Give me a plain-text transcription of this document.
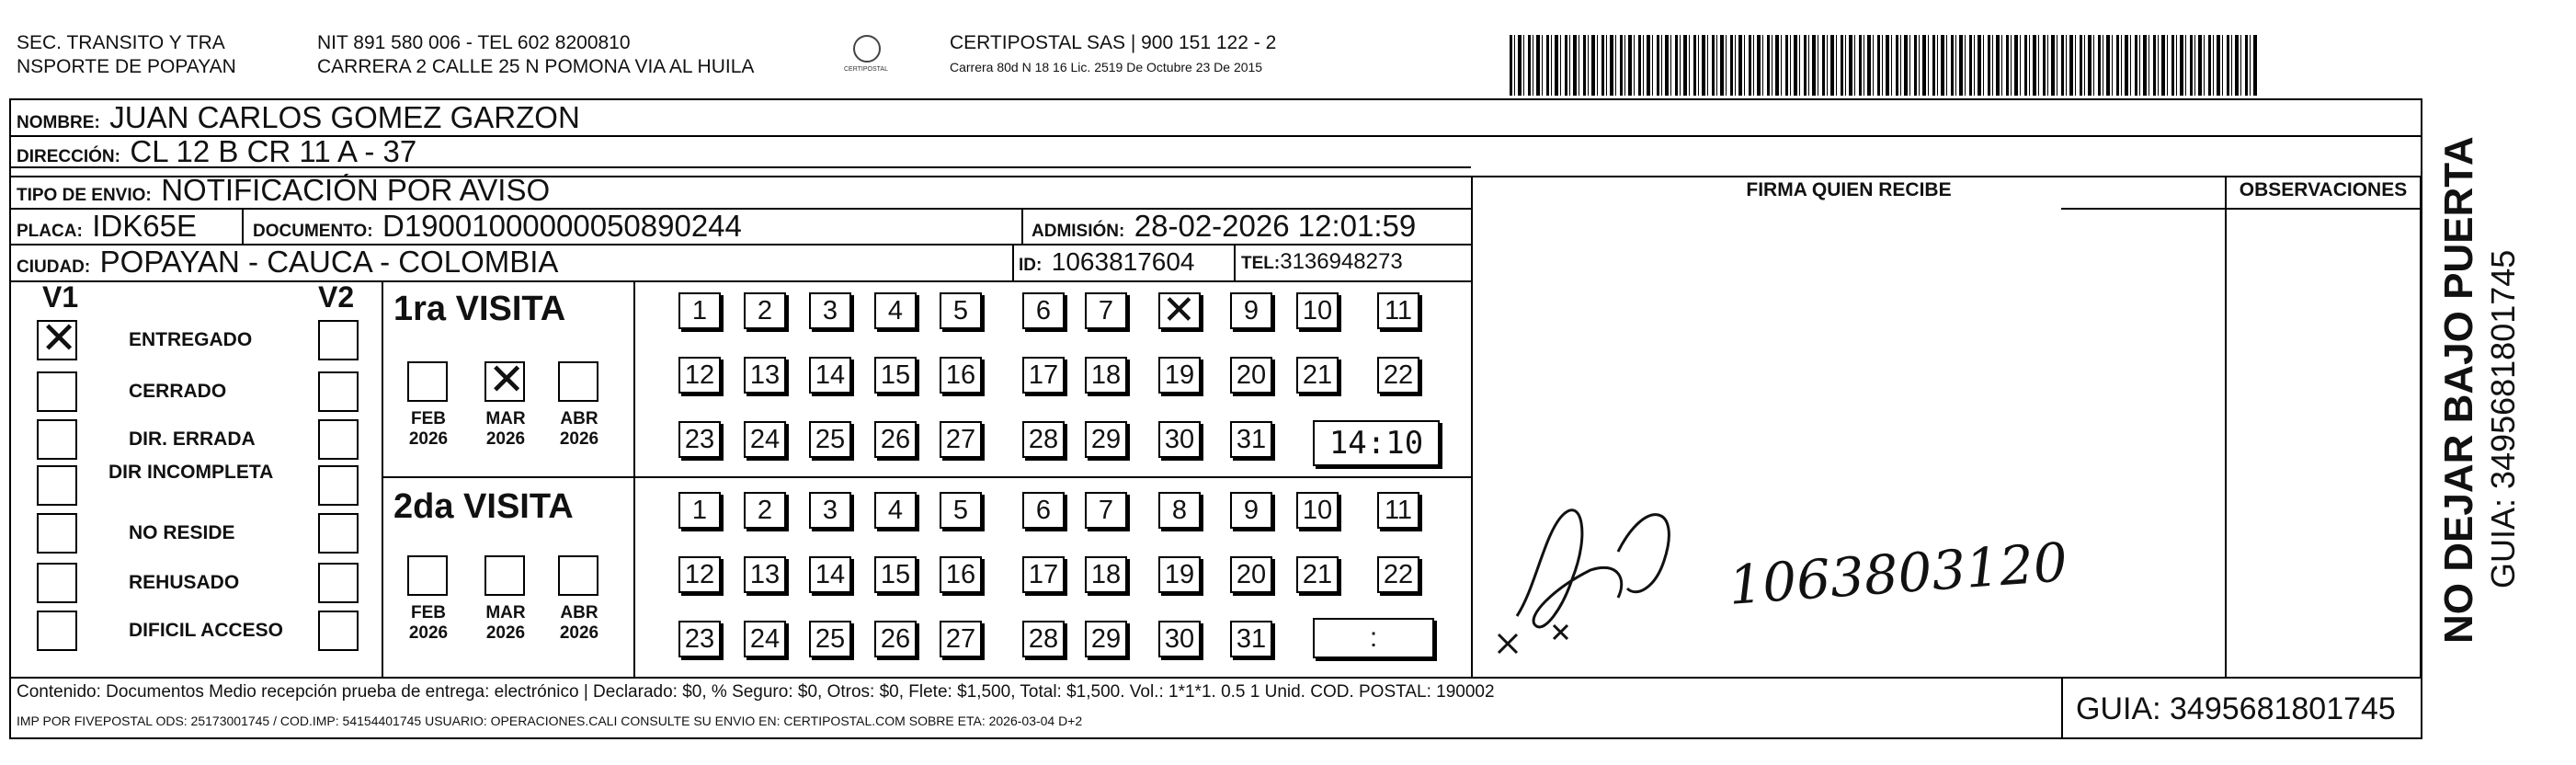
SEC. TRANSITO Y TRA
NSPORTE DE POPAYAN
NIT 891 580 006 - TEL 602 8200810
CARRERA 2 CALLE 25 N POMONA VIA AL HUILA	CERTIPOSTAL
CERTIPOSTAL SAS | 900 151 122 - 2
Carrera 80d N 18 16 Lic. 2519 De Octubre 23 De 2015
NOMBRE: JUAN CARLOS GOMEZ GARZON
DIRECCIÓN: CL 12 B CR 11 A - 37
TIPO DE ENVIO: NOTIFICACIÓN POR AVISO
PLACA: IDK65E	DOCUMENTO: D19001000000050890244	ADMISIÓN: 28-02-2026 12:01:59
CIUDAD: POPAYAN - CAUCA - COLOMBIA	ID: 1063817604	TEL:3136948273
FIRMA QUIEN RECIBE	OBSERVACIONES
V1	V2
✕
ENTREGADO
CERRADO
DIR. ERRADA
DIR INCOMPLETA
NO RESIDE
REHUSADO
DIFICIL ACCESO
1ra VISITA
FEB
2026
✕
MAR
2026
ABR
2026
1	2	3	4	5	6	7
✕	9	10 11
12 13 14 15 16 17 18 19 20 21 22
23 24 25 26 27 28 29 30 31	14:10
2da VISITA
FEB
2026
MAR
2026
ABR
2026
1	2	3	4	5	6	7	8	9	10 11
12 13 14 15 16 17 18 19 20 21 22
23 24 25 26 27 28 29 30 31	:
1063803120
Contenido: Documentos Medio recepción prueba de entrega: electrónico | Declarado: $0, % Seguro: $0, Otros: $0, Flete: $1,500, Total: $1,500. Vol.: 1*1*1. 0.5 1 Unid. COD. POSTAL: 190002
IMP POR FIVEPOSTAL ODS: 25173001745 / COD.IMP: 54154401745 USUARIO: OPERACIONES.CALI CONSULTE SU ENVIO EN: CERTIPOSTAL.COM SOBRE ETA: 2026-03-04 D+2	GUIA: 3495681801745
NO DEJAR BAJO PUERTA GUIA: 3495681801745
